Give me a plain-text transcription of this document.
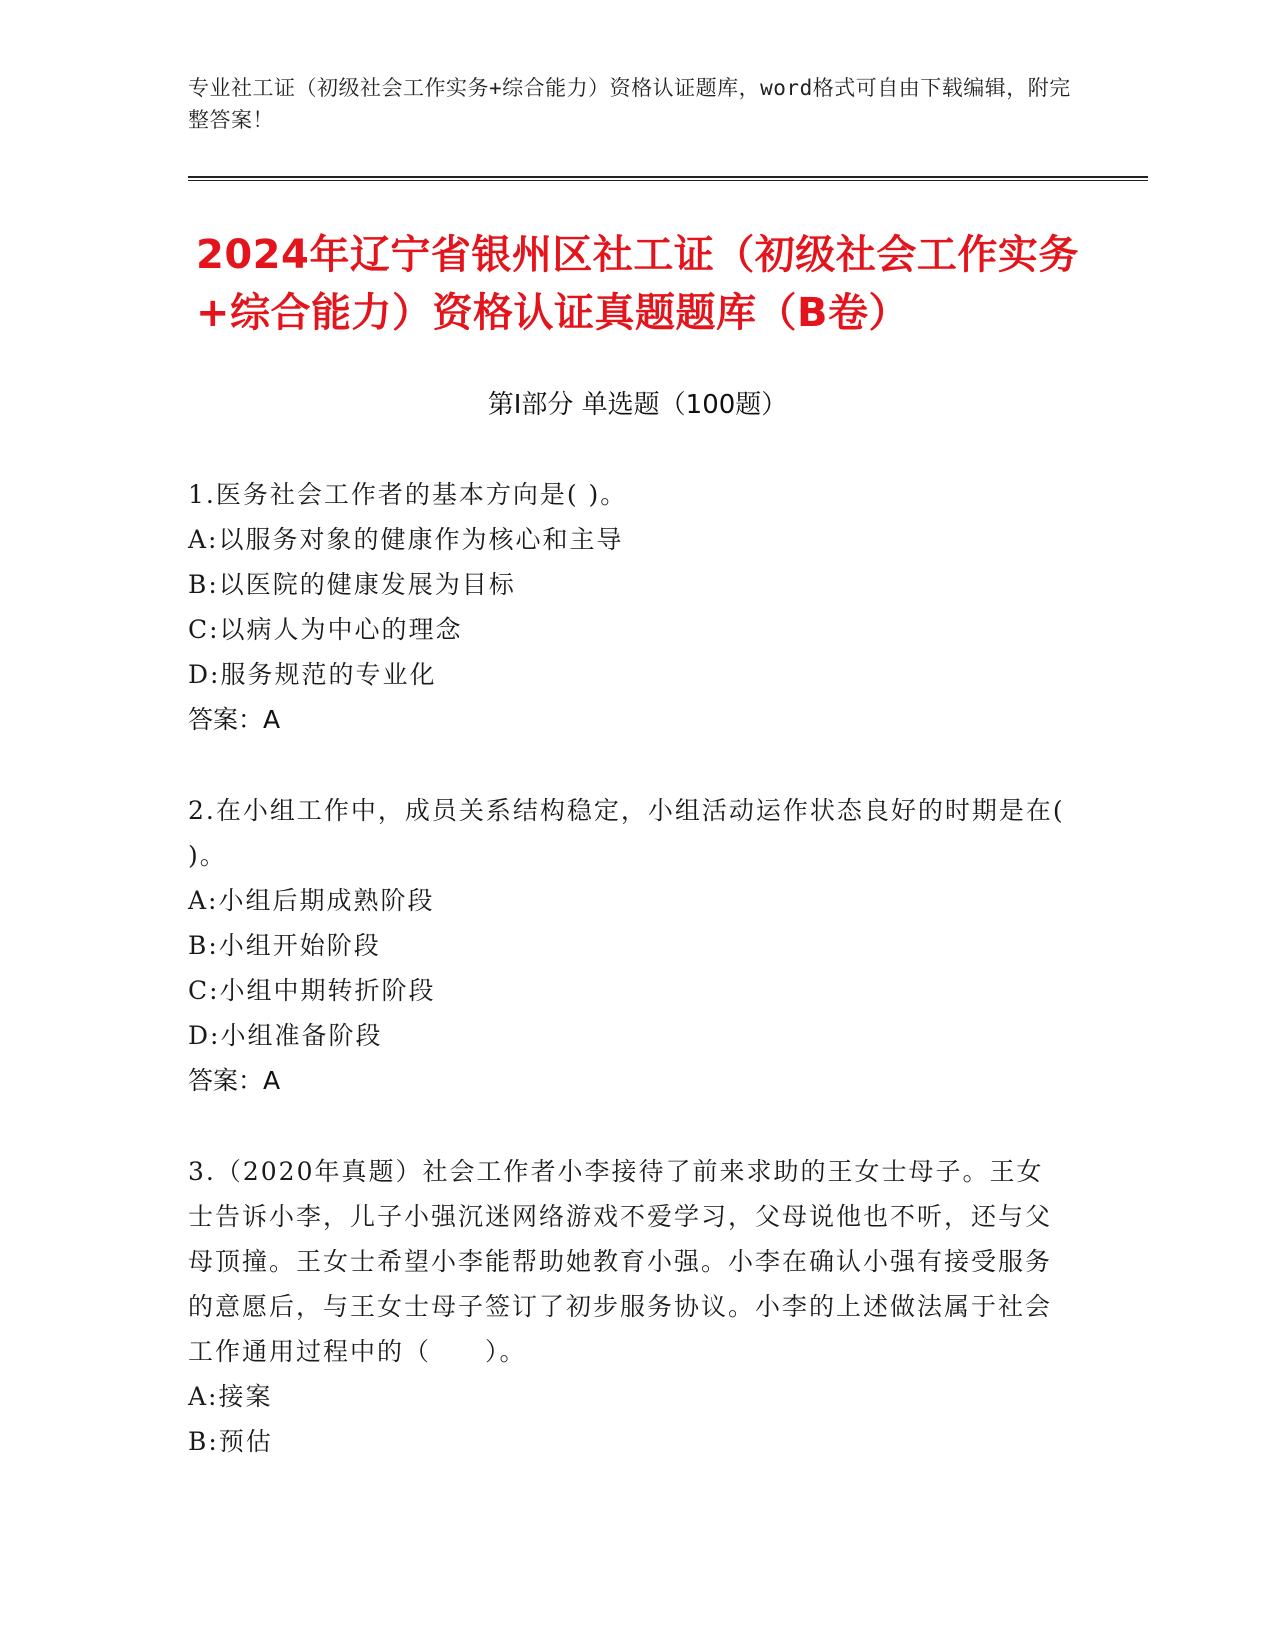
专业社工证（初级社会工作实务+综合能力）资格认证题库，word格式可自由下载编辑，附完整答案！
2024年辽宁省银州区社工证（初级社会工作实务+综合能力）资格认证真题题库（B卷）
第Ⅰ部分 单选题（100题）
1.医务社会工作者的基本方向是( )。
A:以服务对象的健康作为核心和主导
B:以医院的健康发展为目标
C:以病人为中心的理念
D:服务规范的专业化
答案：A
2.在小组工作中，成员关系结构稳定，小组活动运作状态良好的时期是在( )。
A:小组后期成熟阶段
B:小组开始阶段
C:小组中期转折阶段
D:小组准备阶段
答案：A
3.（2020年真题）社会工作者小李接待了前来求助的王女士母子。王女士告诉小李，儿子小强沉迷网络游戏不爱学习，父母说他也不听，还与父母顶撞。王女士希望小李能帮助她教育小强。小李在确认小强有接受服务的意愿后，与王女士母子签订了初步服务协议。小李的上述做法属于社会工作通用过程中的（　　）。
A:接案
B:预估
